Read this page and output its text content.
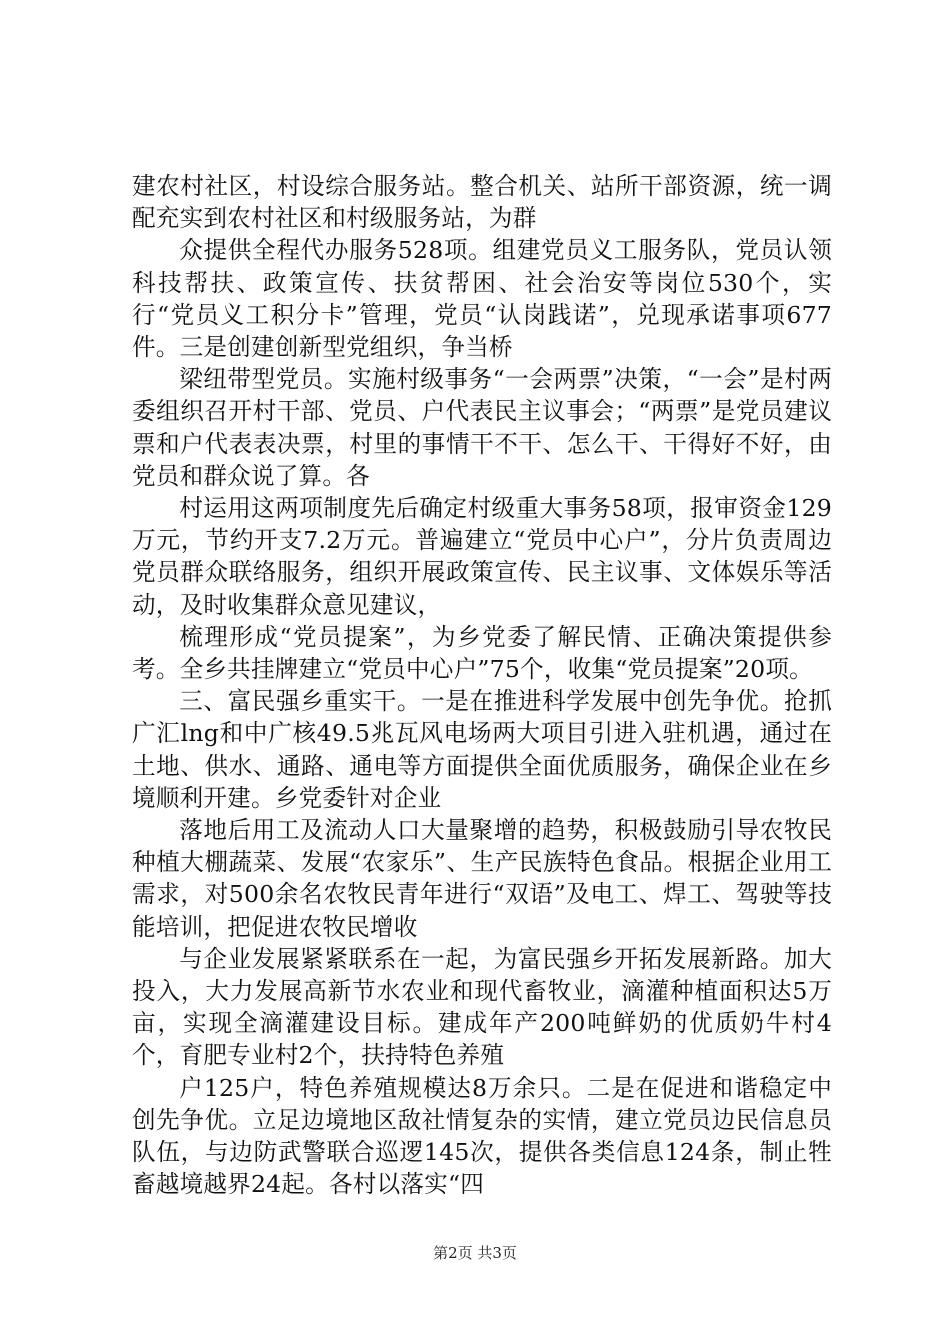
建农村社区，村设综合服务站。整合机关、站所干部资源，统一调配充实到农村社区和村级服务站，为群

众提供全程代办服务528项。组建党员义工服务队，党员认领科技帮扶、政策宣传、扶贫帮困、社会治安等岗位530个，实行“党员义工积分卡”管理，党员“认岗践诺”，兑现承诺事项677件。三是创建创新型党组织，争当桥

梁纽带型党员。实施村级事务“一会两票”决策，“一会”是村两委组织召开村干部、党员、户代表民主议事会；“两票”是党员建议票和户代表表决票，村里的事情干不干、怎么干、干得好不好，由党员和群众说了算。各

村运用这两项制度先后确定村级重大事务58项，报审资金129万元，节约开支7.2万元。普遍建立“党员中心户”，分片负责周边党员群众联络服务，组织开展政策宣传、民主议事、文体娱乐等活动，及时收集群众意见建议，

梳理形成“党员提案”，为乡党委了解民情、正确决策提供参考。全乡共挂牌建立“党员中心户”75个，收集“党员提案”20项。

三、富民强乡重实干。一是在推进科学发展中创先争优。抢抓广汇lng和中广核49.5兆瓦风电场两大项目引进入驻机遇，通过在土地、供水、通路、通电等方面提供全面优质服务，确保企业在乡境顺利开建。乡党委针对企业

落地后用工及流动人口大量聚增的趋势，积极鼓励引导农牧民种植大棚蔬菜、发展“农家乐”、生产民族特色食品。根据企业用工需求，对500余名农牧民青年进行“双语”及电工、焊工、驾驶等技能培训，把促进农牧民增收

与企业发展紧紧联系在一起，为富民强乡开拓发展新路。加大投入，大力发展高新节水农业和现代畜牧业，滴灌种植面积达5万亩，实现全滴灌建设目标。建成年产200吨鲜奶的优质奶牛村4个，育肥专业村2个，扶持特色养殖

户125户，特色养殖规模达8万余只。二是在促进和谐稳定中创先争优。立足边境地区敌社情复杂的实情，建立党员边民信息员队伍，与边防武警联合巡逻145次，提供各类信息124条，制止牲畜越境越界24起。各村以落实“四

第2页 共3页
